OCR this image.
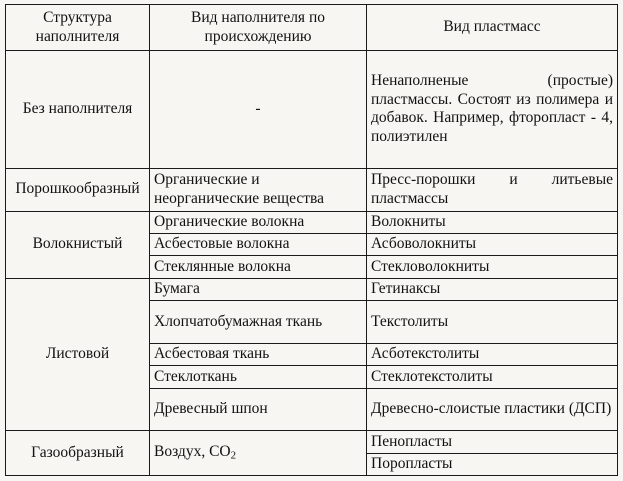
Структура наполнителя	Вид наполнителя по происхождению	Вид пластмасс
Без наполнителя	-	Ненаполненые (простые) пластмассы. Состоят из полимера и добавок. Например, фторопласт - 4, полиэтилен
Порошкообразный	Органические и неорганические вещества	Пресс-порошки и литьевые пластмассы
Волокнистый	Органические волокна	Волокниты
	Асбестовые волокна	Асбоволокниты
	Стеклянные волокна	Стекловолокниты
Листовой	Бумага	Гетинаксы
	Хлопчатобумажная ткань	Текстолиты
	Асбестовая ткань	Асботекстолиты
	Стеклоткань	Стеклотекстолиты
	Древесный шпон	Древесно-слоистые пластики (ДСП)
Газообразный	Воздух, $CO_2$	Пенопласты
		Поропласты
